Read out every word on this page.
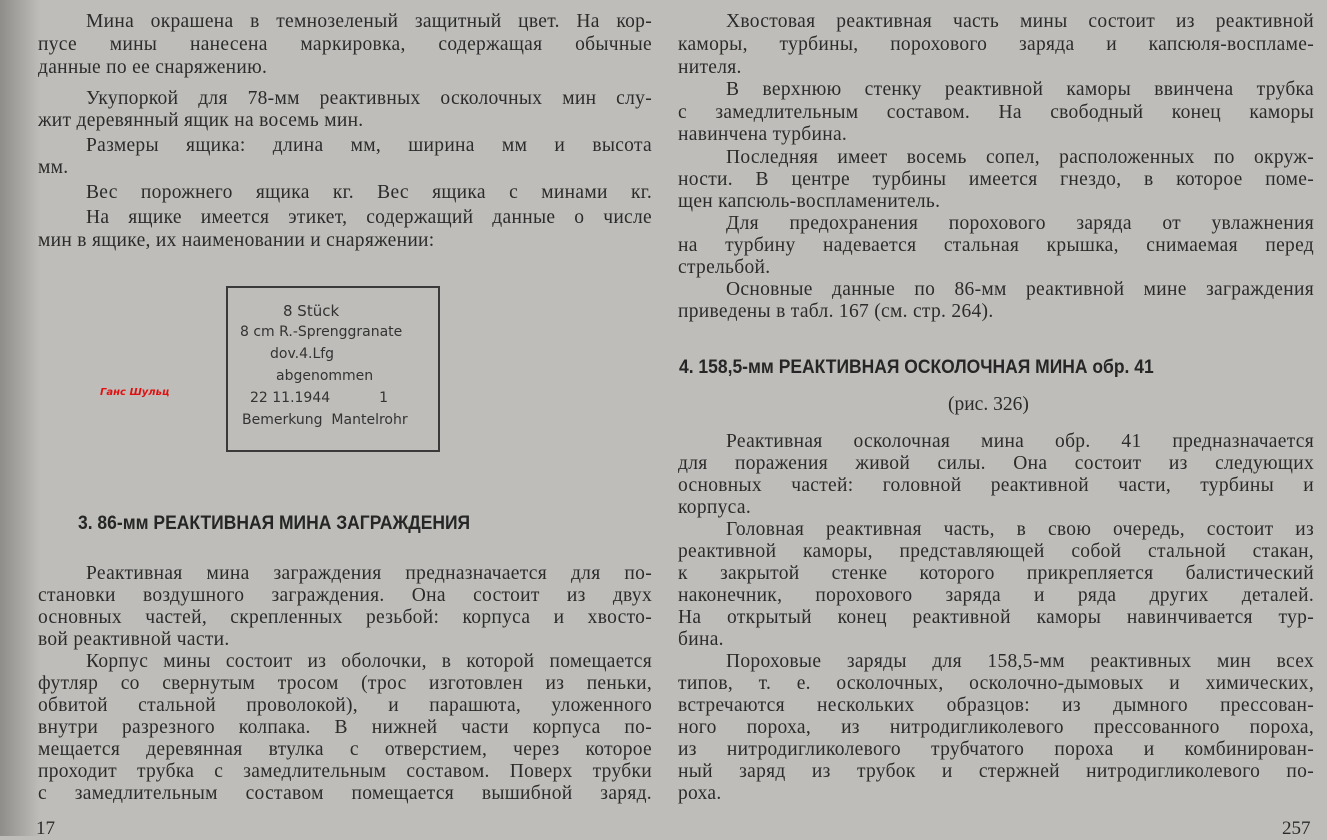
Ганс Шульц
3. 86-мм РЕАКТИВНАЯ МИНА ЗАГРАЖДЕНИЯ
17
Мина окрашена в темнозеленый защитный цвет. На кор-
пусе мины нанесена маркировка, содержащая обычные
данные по ее снаряжению.
Укупоркой для 78-мм реактивных осколочных мин слу-
жит деревянный ящик на восемь мин.
Размеры ящика: длина мм, ширина мм и высота
мм.
Вес порожнего ящика кг. Вес ящика с минами кг.
На ящике имеется этикет, содержащий данные о числе
мин в ящике, их наименовании и снаряжении:
Реактивная мина заграждения предназначается для по-
становки воздушного заграждения. Она состоит из двух
основных частей, скрепленных резьбой: корпуса и хвосто-
вой реактивной части.
Корпус мины состоит из оболочки, в которой помещается
футляр со свернутым тросом (трос изготовлен из пеньки,
обвитой стальной проволокой), и парашюта, уложенного
внутри разрезного колпака. В нижней части корпуса по-
мещается деревянная втулка с отверстием, через которое
проходит трубка с замедлительным составом. Поверх трубки
с замедлительным составом помещается вышибной заряд.
8 Stück
8 cm R.-Sprenggranate
dov.4.Lfg
abgenommen
22 11.1944           1
Bemerkung  Mantelrohr
4. 158,5-мм РЕАКТИВНАЯ ОСКОЛОЧНАЯ МИНА обр. 41
(рис. 326)
257
Хвостовая реактивная часть мины состоит из реактивной
каморы, турбины, порохового заряда и капсюля-воспламе-
нителя.
В верхнюю стенку реактивной каморы ввинчена трубка
с замедлительным составом. На свободный конец каморы
навинчена турбина.
Последняя имеет восемь сопел, расположенных по окруж-
ности. В центре турбины имеется гнездо, в которое поме-
щен капсюль-воспламенитель.
Для предохранения порохового заряда от увлажнения
на турбину надевается стальная крышка, снимаемая перед
стрельбой.
Основные данные по 86-мм реактивной мине заграждения
приведены в табл. 167 (см. стр. 264).
Реактивная осколочная мина обр. 41 предназначается
для поражения живой силы. Она состоит из следующих
основных частей: головной реактивной части, турбины и
корпуса.
Головная реактивная часть, в свою очередь, состоит из
реактивной каморы, представляющей собой стальной стакан,
к закрытой стенке которого прикрепляется балистический
наконечник, порохового заряда и ряда других деталей.
На открытый конец реактивной каморы навинчивается тур-
бина.
Пороховые заряды для 158,5-мм реактивных мин всех
типов, т. е. осколочных, осколочно-дымовых и химических,
встречаются нескольких образцов: из дымного прессован-
ного пороха, из нитродигликолевого прессованного пороха,
из нитродигликолевого трубчатого пороха и комбинирован-
ный заряд из трубок и стержней нитродигликолевого по-
роха.
